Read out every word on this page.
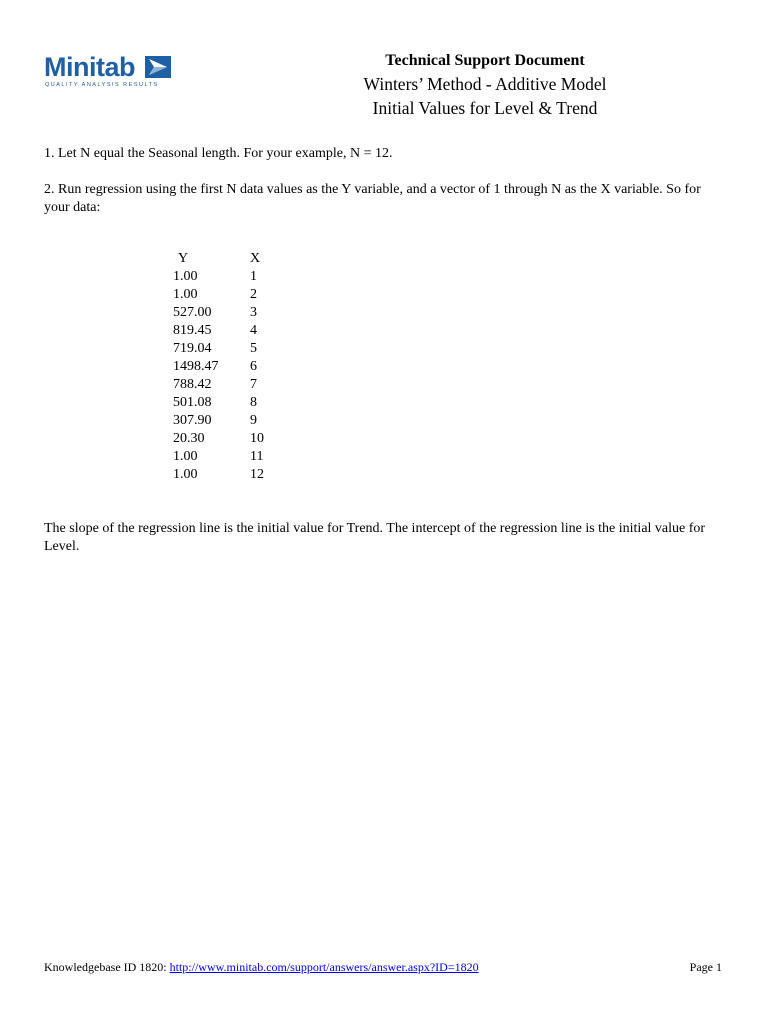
Minitab
QUALITY ANALYSIS RESULTS
Technical Support Document
Winters’ Method - Additive Model
Initial Values for Level & Trend
1. Let N equal the Seasonal length. For your example, N = 12.
2. Run regression using the first N data values as the Y variable, and a vector of 1 through N as the X variable. So for your data:
Y	X
1.00	1
1.00	2
527.00	3
819.45	4
719.04	5
1498.47	6
788.42	7
501.08	8
307.90	9
20.30	10
1.00	11
1.00	12
The slope of the regression line is the initial value for Trend. The intercept of the regression line is the initial value for Level.
Knowledgebase ID 1820: http://www.minitab.com/support/answers/answer.aspx?ID=1820	Page 1
